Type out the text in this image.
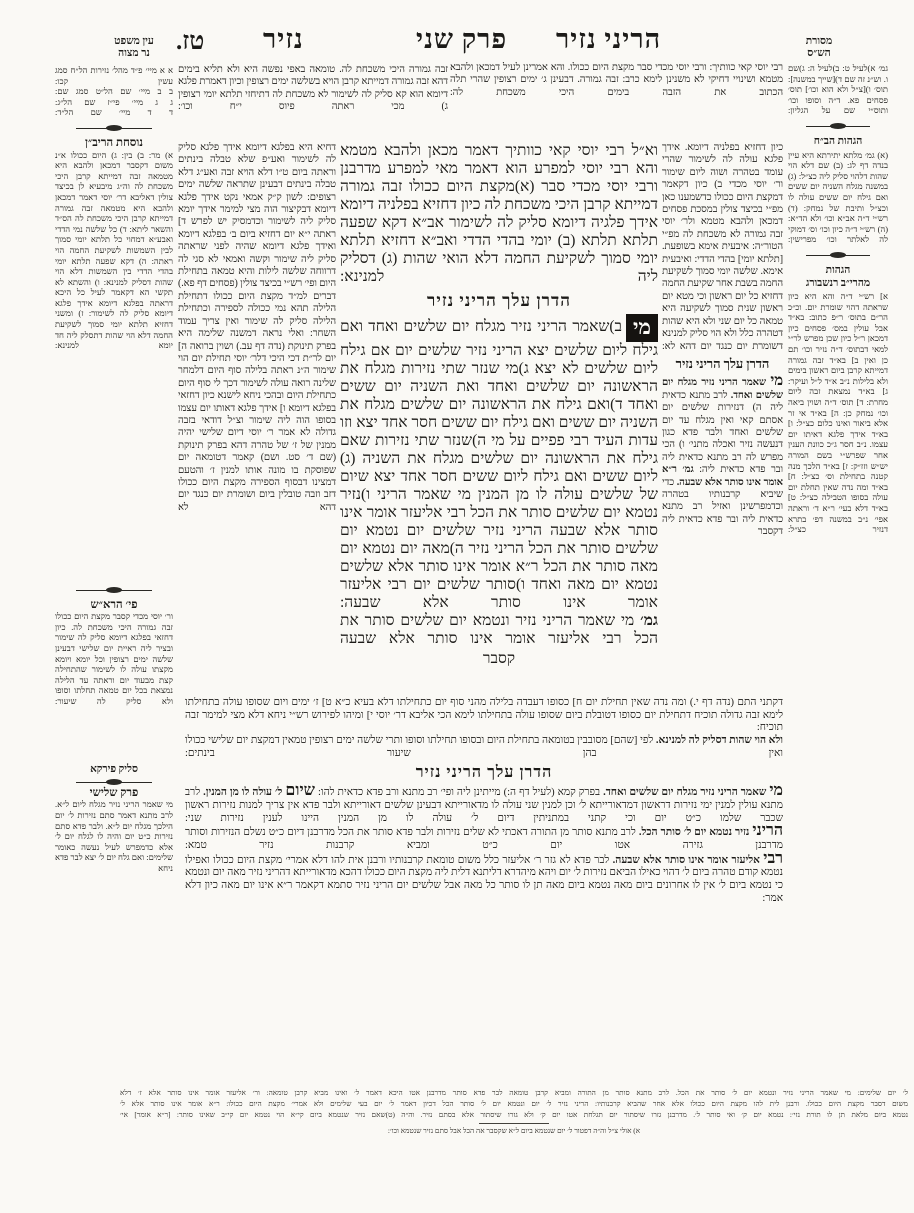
עין משפט
נר מצוה	טז. נזיר	פרק שני הריני נזיר	מסורת
הש״ס
א א מיי׳ פ״ד מהל׳ נזירות הל״ח סמג עשין קכו:
ב ב מיי׳ שם הל״ט סמג שם:
ג ג מיי׳ פי״ז שם הל״ג:
ד ד מיי׳ שם הל״ד:
נוסחת הריב״ן

א) מר: ב) בין: ג) היום ככולו א״נ משום דקסבר דמכאן ולהבא היא מטמאה זבה דמייתא קרבן היכי משכחת לה וה״ג מיבעיא לן בכיצד צולין דאליבא דר׳ יוסי דאמר דמכאן ולהבא היא מטמאה זבה גמורה דמייתא קרבן היכי משכחת לה הס״ד והשאר ליתא: ד) כל שלשה נמי הדדי ואבע״א דמחוי כל תלתא יומי סמוך לבין השמשות לשקיעת החמה הוי ראתה: ה) דקא שפעה תלתא יומי בהדי הדדי בין השמשות דלא הוי שהות דסליק למנינא: ו) והשתא לא תקשי הא דקאמר לעיל כל היכא דראתה בפלגא דיומא אידך פלגא דיומא סליק לה לשימור: ז) ומשני דחזיא תלתא יומי סמוך לשקיעת החמה דלא הוי שהות דתסלק ליה חד יומא למנינא:

פי׳ הרא״ש

ור׳ יוסי מכדי קסבר מקצת היום ככולו זבה גמורה היכי משכחת לה. כיון דחזאי בפלגא דיומא סליק לה שימור ובציר ליה ראיית יום שלישי דבעינן שלשה ימים רצופין וכל יומא ויומא מקצתו עולה לו לשימור שהתחילה קצת מבעוד יום וראתה עד הלילה נמצאת בכל יום טמאה תחלתו וסופו ולא סליק לה שיעור:

סליק פירקא
פרק שלישי

מי שאמר הריני נזיר מגלח ליום ל״א. לרב מתנא דאמר סתם נזירות ל׳ יום הילכך מגלח יום ל״א. ולבר פדא סתם נזירות כ״ט יום והיה לו לגלח יום ל׳ אלא כדמפרש לעיל נעשה כאומר שלימים: ואם גלח יום ל׳ יצא לבר פדא ניחא

זבה גמורה היכי משכחת לה. טומאה באפי נפשה היא ולא תליא בימים דהא זבה גמורה דמייתא קרבן הויא בשלשה ימים רצופין וכיון דאמרת פלגא דיומא הוא קא סליק לה לשימור לא משכחת לה דתיחזי תלתא יומי רצופין ג) מכי ראתה פיוס י״ח וכו׳:

דחיא היא בפלגא דיומא אידך פלגא סליק לה לשימור ואע״פ שלא טבלה בינתים וראתה ביום ט״ו דלא הויא זבה ואע״ג דלא טבלה בינתים דבעינן שתראה שלשה ימים רצופים: לשון ק״ק אמאי נקט אידך פלגא דיומא דבקיצור הוה מצי למימר אידך יומא סליק ליה לשימור וכדמסיק יש לפרש ד] ראתה י״א יום דחזיא ביום ב׳ בפלגא דיומא ואידך פלגא דיומא שהיה לפני שראתה סליק ליה שימור וקשה ואמאי לא סגי לה דרווחה שלשה לילות והיא טמאה בתחילת היום ופי׳ רש״י בכיצד צולין (פסחים דף פא.) דברים למ״ד מקצת היום ככולו דתחילת הלילה תהא נמי ככולה לספירה וכתחילת הלילה סליק לה שימור ואין צריך עמוד השחר: ואלי נראה דמשנה שלימה היא בפרק תינוקת (נדה דף עב.) ושוין ברואה ה] יום לר״ת דכי היכי דלר׳ יוסי תחילת יום הוי שימור ה״נ ראתה בלילה סוף היום דלמחר שלינה רואה עולה לשימור דכך לי סוף היום כתחילת היום ובהכי ניחא לישנא כיון דחזאי בפלגא דיומא ו] אידך פלגא דאותו יום עצמו בסופו הוה ליה שימור וצ״ל דודאי בזבה גדולה לא אמר ר׳ יוסי דיום שלישי יהיה ממנין של ז׳ של טהרה דהא בפרק תינוקת (שם ד׳ סט. ושם) קאמר דטומאה יום שפוסקת בו מונה אותו למנין ז׳ והטעם דמצינו דבסוף הספירה מקצת היום ככולו דזב וזבה טובלין ביום ושומרת יום כנגד יום דהא לא

וא״ל רבי יוסי קאי כוותיך דאמר מכאן ולהבא מטמא והא רבי יוסי למפרע הוא דאמר מאי למפרע מדרבנן ורבי יוסי מכדי סבר (א)מקצת היום ככולו זבה גמורה דמייתא קרבן היכי משכחת לה כיון דחזיא בפלניה דיומא אידך פלגיה דיומא סליק לה לשימור אב״א דקא שפעה תלתא תלתא (ב) יומי בהדי הדדי ואב״א דחזיא תלתא יומי סמוך לשקיעת החמה דלא הואי שהות (ג) דסליק ליה למנינא:

הדרן עלך הריני נזיר

מיב)שאמר הריני נזיר מגלח יום שלשים ואחד ואם גילח ליום שלשים יצא הריני נזיר שלשים יום אם גילח ליום שלשים לא יצא ג)מי שנזר שתי נזירות מגלח את הראשונה יום שלשים ואחד ואת השניה יום ששים ואחד ד)ואם גילח את הראשונה יום שלשים מגלח את השניה יום ששים ואם גילח יום ששים חסר אחד יצא וזו עדות העיד רבי פפיים על מי ה)שנזר שתי נזירות שאם גילח את הראשונה יום שלשים מגלח את השניה (ג) ליום ששים ואם גילח ליום ששים חסר אחד יצא שיום של שלשים עולה לו מן המנין מי שאמר הריני ו)נזיר נטמא יום שלשים סותר את הכל רבי אליעזר אומר אינו סותר אלא שבעה הריני נזיר שלשים יום נטמא יום שלשים סותר את הכל הריני נזיר ה)מאה יום נטמא יום מאה סותר את הכל ר״א אומר אינו סותר אלא שלשים נטמא יום מאה ואחד ו)סותר שלשים יום רבי אליעזר אומר אינו סותר אלא שבעה:

גמ׳ מי שאמר הריני נזיר ונטמא יום שלשים סותר את הכל רבי אליעזר אומר אינו סותר אלא שבעה

קסבר

רבי יוסי קאי כוותיך: ורבי יוסי מכדי סבר מקצת היום ככולו. והא אמרינן לעיל דמכאן ולהבא מטמא ושינויי דחיקי לא משנינן לימא כרב: זבה גמורה. דבעינן ג׳ ימים רצופין שהרי תלה הכתוב את הזבה בימים היכי משכחת לה:

כיון דחזיא בפלניה דיומא. אידך פלגא עולה לה לשימור שהרי עומד בטהרה ושוה ליום שימור ור׳ יוסי מכדי ב) כיון דקאמר דמקצת היום ככולו כדשמענו כאן מפ״י בכיצד צולין במסכת פסחים דמכאן ולהבא מטמא ולר׳ יוסי זבה גמורה לא משכחת לה מפ״י הטור״ה: איבעית אימא בשופעת. [תלתא יומי] בהדי הדדי: ואיבעית אימא. שלשה יומי סמוך לשקיעת החמה בשבת אחר שקיעת החמה דחזיא כל יום ראשון וכי מטא יום ראשון שנית סמוך לשקיעה היא טמאה כל יום שני ולא היא שהות דטהרה כלל ולא הוי סליק למנינא דשומרת יום כנגד יום דהא לא:

הדרן עלך הריני נזיר

מי שאמר הריני נזיר מגלח יום שלשים ואחד. לרב מתנא כדאית ליה ה) דנזירות שלשים יום אסתם קאי ואין מגלח עד יום שלשים ואחד ולבר פדא כגון דנעשה נזיר ואכלה מתני׳ ו) הכי מפרש לה רב מתנא כדאית ליה ובר פדא כדאית ליה: גמ׳ ר״א אומר אינו סותר אלא שבעה. כדי שיביא קרבנותיו בטהרה וכדמפרשינן ואזיל רב מתנא כדאית ליה ובר פדא כדאית ליה דקסבר

גמ׳ א)לעיל ט: ב)לעיל ה: ג)שם ו. וש״נ זה שם ד)[שייך במשנה]: תוס׳ ו)[צ״ל ולא הוא וכו׳] תוס׳ פסחים פא. ד״ה וסופו וכו׳ ותוס״י שם על הגליון:

הגהות הב״ח

(א) גמ׳ מלתא יתירתא היא עיין בנדה דף לג: (ב) שם דלא הוי שהות דלהוי סליק ליה כצ״ל: (ג) במשנה מגלח השניה יום ששים ואם גילח יום ששים עולה לו וכצ״ל ותיבת של נמחק: (ד) רש״י ד״ה אב״א וכו׳ ולא הד״א: (ה) רש״י ד״ה כיון וכו׳ וס׳ דמוקי לה לאלתר וכו׳ מפרישין:

הגהות
מהרי״ב רנשבורג

א] רש״י ד״ה והא היא כיון שראתה דהוי שומרת יום. וכ״כ הר״ם בתוס׳ ר״פ כתוב: בא״ד אבל עולין במס׳ פסחים כיון דמכאן ר״ל כיון שכן מפרש לר״י למאי דבתוס׳ ד״ה נזיר וכו׳ תם כן ואין ב] בא״ד זבה גמורה דמייתא קרבן ביום ראשון בימים ולא בלילות נ״ב א״ד ל״ל ועיקר: ג] בא״ד נמצאת זבה ליום מחרת: ד] תוס׳ ד״ה ושוין ביאה וכו׳ נמחק כן: ה] בא״ד אי זר אלא ביאור ואינו כלום כצ״ל: ו] בא״ד אידך פלגא דאיתו יום עצמו. נ״ב חסר ג״כ כוונת הענין אחר שפרש״י בשם המורה יש״ש וזז״ק: ז] בא״ד הלכך מנה קטנה בתחילת וס׳ כצ״ל: ח] בא״ד ומה נדה שאין תחלת יום עולה בסופו הטבילה כצ״ל: ט] בא״ד דלא בעי׳ ר״א ד׳ וראתה אפי׳ נ״ב במשנה דפ׳ בתרא דנזיר כצ״ל:

דקתני התם (נדה דף י.) ומה נדה שאין תחילת יום ח] כסופו דעבדה בלילה מהני סוף יום כתחילתו דלא בעיא כ״א ט] ז׳ ימים ויום שסופו עולה בתחילתו לימא זבה גדולה תוכיח דתחילת יום כסופו דטובלת ביום שסופו עולה בתחילתו לימא הכי אליבא דר׳ יוסי י] ומיהו לפירוש רש״י ניחא דלא מצי למימר זבה תוכיח:

ולא הוי שהות דסליק לה למנינא. לפי [שהם] מסובבין בטומאה בתחילת היום ובסופו תחילתו וסופו ותרי שלשה ימים רצופין טמאין דמקצת יום שלישי ככולו ואין בהן שיעור בינתים:

הדרן עלך הריני נזיר

מי שאמר הריני נזיר מגלח יום שלשים ואחד. בפרק קמא (לעיל דף ה:) מייתינן ליה ופי׳ רב מתנא ורב פדא כדאית להו: שיום ל׳ עולה לו מן המנין. לרב מתנא עולין למנין ימי נזירות דראשון דמדאורייתא ל׳ וכן למנין שני עולה לו מדאורייתא דבעינן שלשים דאורייתא ולבר פדא אין צריך למנות נזירות ראשון שכבר שלמו כ״ט יום וכי קתני במתניתין דיום ל׳ עולה לו מן המנין היינו לענין נזירות שני:

הריני נזיר נטמא יום ל׳ סותר הכל. לרב מתנא סותר מן התורה דאכתי לא שלים נזירות ולבר פדא סותר את הכל מדרבנן דיום כ״ט נשלם הנזירות וסותר מדרבנן גזירה אטו יום כ״ט ומביא קרבנות נזיר טמא:

רבי אליעזר אומר אינו סותר אלא שבעה. לבר פדא לא גזר ר׳ אליעזר כלל משום טומאת קרבנותיו ורבנן אית להו דלא אמרי׳ מקצת היום ככולו ואפילו נטמא קודם טהרה ביום ל׳ דהוי כאילו הביאם נזירות ל׳ יום ויהא מיהדרא דליתנא דלית ליה מקצת היום ככולו דהכא מדאורייתא דהריני נזיר מאה יום ונטמא כי נטמא ביום ל׳ אין לו אחרונים ביום מאה נטמא ביום מאה תן לו סותר כל מאה אבל שלשים יום הריני נזיר סתמא דקאמר ר״א אינו יום מאה כיון דלא אמר:

ל׳ יום שלימים: מי שאמר הריני נזיר ונטמא יום ל׳ סותר את הכל. לרב מתנא סותר מן התורה ומביא קרבן טומאה לבר פדא סותר מדרבנן אטו היכא דאמר ל׳ ואינו מביא קרבן טומאה: ור׳ אליעזר אומר אינו סותר אלא ז׳ דלא

משום דסבר מקצת היום ככולו. ורבנן לית להו מקצת היום ככולו אלא אחר שהביא קרבנותיו: הריני נזיר ל׳ יום ונטמא יום ל׳ סותר הכל דכיון דאמר ל׳ יום בעי שלימים ולא אמרי׳ מקצת היום ככולו: ר״א אומר אינו סותר אלא ל׳

נטמא ביום מלאת תן לו תורת נזי׳: נטמא יום ק׳ ואי סותר ל׳. מדרבנן גזרו שיסתור יום תגלחת אטו יום ק׳ ולא גזרו שיסתור אלא בסתם נזיר. וה״ה (ט)שאם נזיר שנטמא ביום קי״א הוי נטמא יום קי״ב שאינו סותר: [ר״א אומר] אי׳

א) אולי צ״ל וה״ה דפטור ל׳ יום שנטמא ביום ל״א שקסבר אה הכל אבל סתם נזיר שנטמא וכו׳:
